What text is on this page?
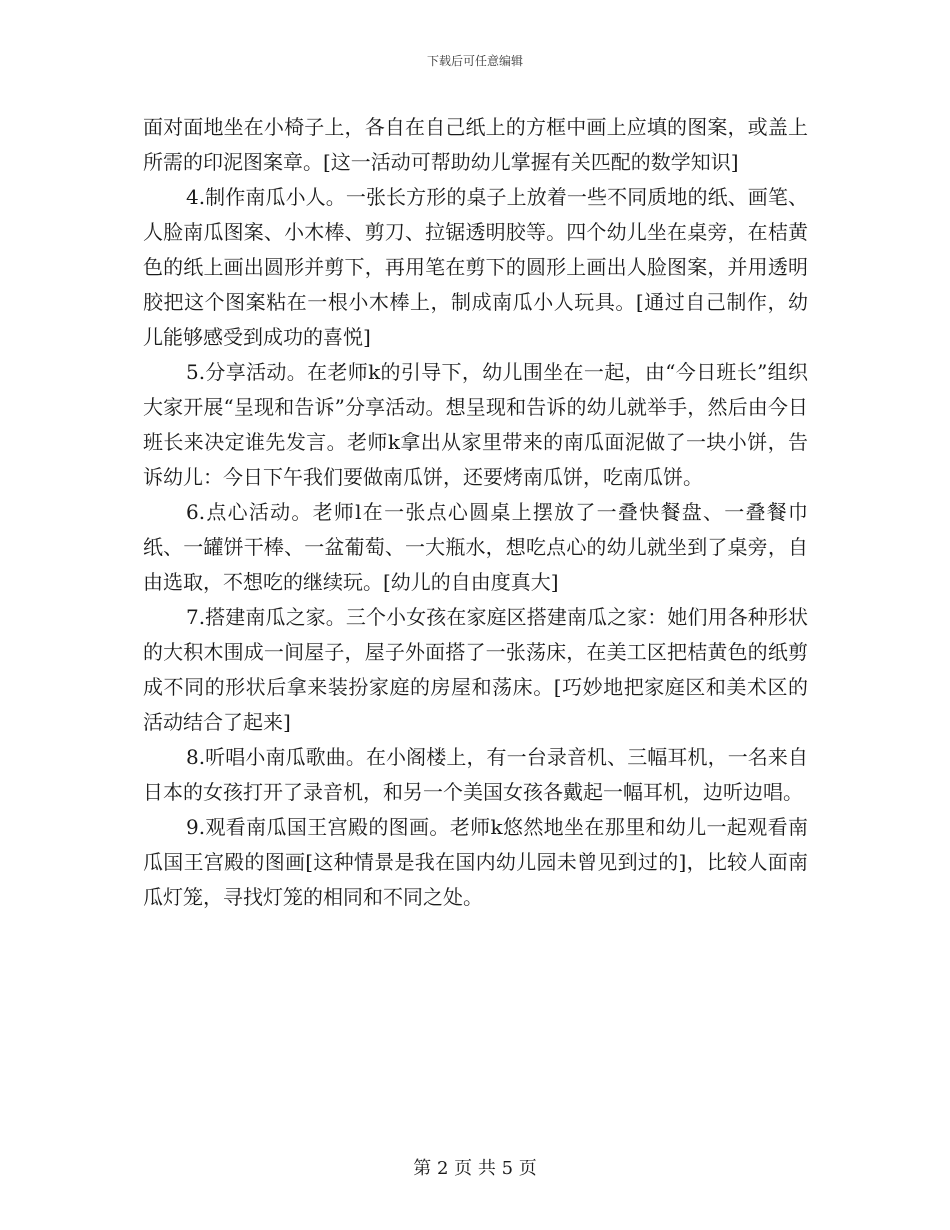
下载后可任意编辑

面对面地坐在小椅子上，各自在自己纸上的方框中画上应填的图案，或盖上所需的印泥图案章。[这一活动可帮助幼儿掌握有关匹配的数学知识]

4.制作南瓜小人。一张长方形的桌子上放着一些不同质地的纸、画笔、人脸南瓜图案、小木棒、剪刀、拉锯透明胶等。四个幼儿坐在桌旁，在桔黄色的纸上画出圆形并剪下，再用笔在剪下的圆形上画出人脸图案，并用透明胶把这个图案粘在一根小木棒上，制成南瓜小人玩具。[通过自己制作，幼儿能够感受到成功的喜悦]

5.分享活动。在老师k的引导下，幼儿围坐在一起，由“今日班长”组织大家开展“呈现和告诉”分享活动。想呈现和告诉的幼儿就举手，然后由今日班长来决定谁先发言。老师k拿出从家里带来的南瓜面泥做了一块小饼，告诉幼儿：今日下午我们要做南瓜饼，还要烤南瓜饼，吃南瓜饼。

6.点心活动。老师l在一张点心圆桌上摆放了一叠快餐盘、一叠餐巾纸、一罐饼干棒、一盆葡萄、一大瓶水，想吃点心的幼儿就坐到了桌旁，自由选取，不想吃的继续玩。[幼儿的自由度真大]

7.搭建南瓜之家。三个小女孩在家庭区搭建南瓜之家：她们用各种形状的大积木围成一间屋子，屋子外面搭了一张荡床，在美工区把桔黄色的纸剪成不同的形状后拿来装扮家庭的房屋和荡床。[巧妙地把家庭区和美术区的活动结合了起来]

8.听唱小南瓜歌曲。在小阁楼上，有一台录音机、三幅耳机，一名来自日本的女孩打开了录音机，和另一个美国女孩各戴起一幅耳机，边听边唱。

9.观看南瓜国王宫殿的图画。老师k悠然地坐在那里和幼儿一起观看南瓜国王宫殿的图画[这种情景是我在国内幼儿园未曾见到过的]，比较人面南瓜灯笼，寻找灯笼的相同和不同之处。

第 2 页 共 5 页
